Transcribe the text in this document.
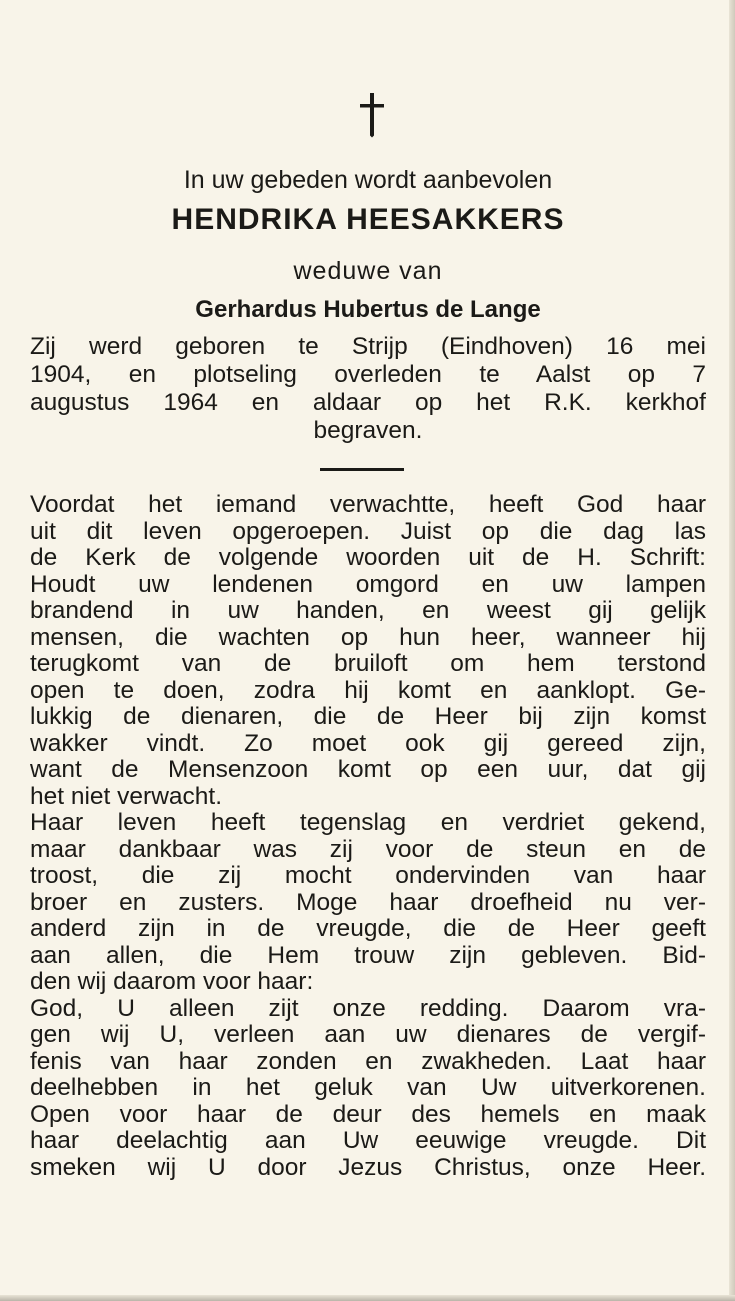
In uw gebeden wordt aanbevolen
HENDRIKA HEESAKKERS
weduwe van
Gerhardus Hubertus de Lange
Zij werd geboren te Strijp (Eindhoven) 16 mei
1904, en plotseling overleden te Aalst op 7
augustus 1964 en aldaar op het R.K. kerkhof
begraven.
Voordat het iemand verwachtte, heeft God haar
uit dit leven opgeroepen. Juist op die dag las
de Kerk de volgende woorden uit de H. Schrift:
Houdt uw lendenen omgord en uw lampen
brandend in uw handen, en weest gij gelijk
mensen, die wachten op hun heer, wanneer hij
terugkomt van de bruiloft om hem terstond
open te doen, zodra hij komt en aanklopt. Ge-
lukkig de dienaren, die de Heer bij zijn komst
wakker vindt. Zo moet ook gij gereed zijn,
want de Mensenzoon komt op een uur, dat gij
het niet verwacht.
Haar leven heeft tegenslag en verdriet gekend,
maar dankbaar was zij voor de steun en de
troost, die zij mocht ondervinden van haar
broer en zusters. Moge haar droefheid nu ver-
anderd zijn in de vreugde, die de Heer geeft
aan allen, die Hem trouw zijn gebleven. Bid-
den wij daarom voor haar:
God, U alleen zijt onze redding. Daarom vra-
gen wij U, verleen aan uw dienares de vergif-
fenis van haar zonden en zwakheden. Laat haar
deelhebben in het geluk van Uw uitverkorenen.
Open voor haar de deur des hemels en maak
haar deelachtig aan Uw eeuwige vreugde. Dit
smeken wij U door Jezus Christus, onze Heer.
